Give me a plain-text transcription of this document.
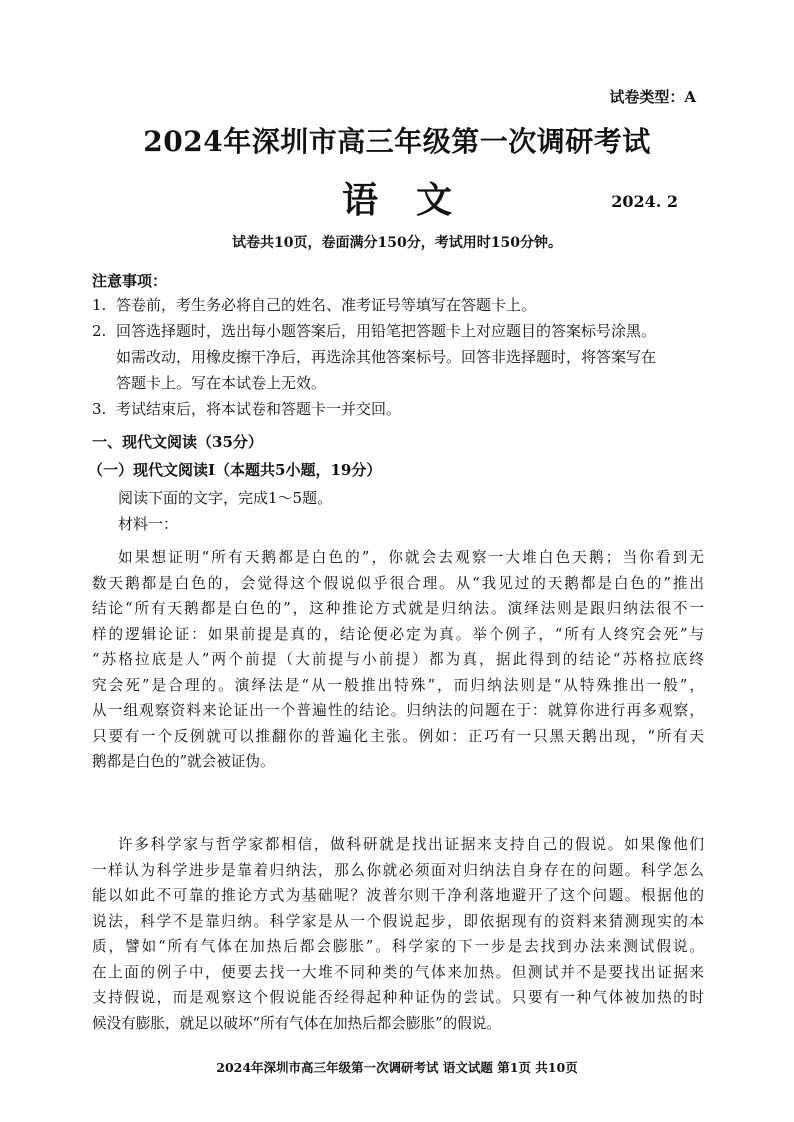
试卷类型：A
2024年深圳市高三年级第一次调研考试
语文	2024. 2
试卷共10页，卷面满分150分，考试用时150分钟。
注意事项：
1. 答卷前，考生务必将自己的姓名、准考证号等填写在答题卡上。
2. 回答选择题时，选出每小题答案后，用铅笔把答题卡上对应题目的答案标号涂黑。
如需改动，用橡皮擦干净后，再选涂其他答案标号。回答非选择题时，将答案写在
答题卡上。写在本试卷上无效。
3. 考试结束后，将本试卷和答题卡一并交回。
一、现代文阅读（35分）
（一）现代文阅读Ⅰ（本题共5小题，19分）
阅读下面的文字，完成1～5题。
材料一：
如果想证明“所有天鹅都是白色的”，你就会去观察一大堆白色天鹅；当你看到无
数天鹅都是白色的，会觉得这个假说似乎很合理。从“我见过的天鹅都是白色的”推出
结论“所有天鹅都是白色的”，这种推论方式就是归纳法。演绎法则是跟归纳法很不一
样的逻辑论证：如果前提是真的，结论便必定为真。举个例子，“所有人终究会死”与
“苏格拉底是人”两个前提（大前提与小前提）都为真，据此得到的结论“苏格拉底终
究会死”是合理的。演绎法是“从一般推出特殊”，而归纳法则是“从特殊推出一般”，
从一组观察资料来论证出一个普遍性的结论。归纳法的问题在于：就算你进行再多观察，
只要有一个反例就可以推翻你的普遍化主张。例如：正巧有一只黑天鹅出现，“所有天
鹅都是白色的”就会被证伪。
许多科学家与哲学家都相信，做科研就是找出证据来支持自己的假说。如果像他们
一样认为科学进步是靠着归纳法，那么你就必须面对归纳法自身存在的问题。科学怎么
能以如此不可靠的推论方式为基础呢？波普尔则干净利落地避开了这个问题。根据他的
说法，科学不是靠归纳。科学家是从一个假说起步，即依据现有的资料来猜测现实的本
质，譬如“所有气体在加热后都会膨胀”。科学家的下一步是去找到办法来测试假说。
在上面的例子中，便要去找一大堆不同种类的气体来加热。但测试并不是要找出证据来
支持假说，而是观察这个假说能否经得起种种证伪的尝试。只要有一种气体被加热的时
候没有膨胀，就足以破坏“所有气体在加热后都会膨胀”的假说。
2024年深圳市高三年级第一次调研考试 语文试题 第1页 共10页
